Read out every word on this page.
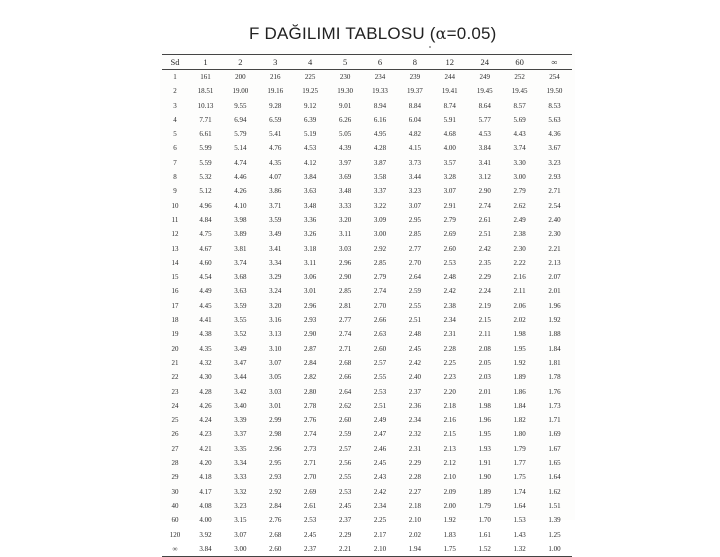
F DAĞILIMI TABLOSU (α=0.05)
Sd	1	2	3	4	5	6	8	12	24	60	∞
1	161	200	216	225	230	234	239	244	249	252	254
2	18.51	19.00	19.16	19.25	19.30	19.33	19.37	19.41	19.45	19.45	19.50
3	10.13	9.55	9.28	9.12	9.01	8.94	8.84	8.74	8.64	8.57	8.53
4	7.71	6.94	6.59	6.39	6.26	6.16	6.04	5.91	5.77	5.69	5.63
5	6.61	5.79	5.41	5.19	5.05	4.95	4.82	4.68	4.53	4.43	4.36
6	5.99	5.14	4.76	4.53	4.39	4.28	4.15	4.00	3.84	3.74	3.67
7	5.59	4.74	4.35	4.12	3.97	3.87	3.73	3.57	3.41	3.30	3.23
8	5.32	4.46	4.07	3.84	3.69	3.58	3.44	3.28	3.12	3.00	2.93
9	5.12	4.26	3.86	3.63	3.48	3.37	3.23	3.07	2.90	2.79	2.71
10	4.96	4.10	3.71	3.48	3.33	3.22	3.07	2.91	2.74	2.62	2.54
11	4.84	3.98	3.59	3.36	3.20	3.09	2.95	2.79	2.61	2.49	2.40
12	4.75	3.89	3.49	3.26	3.11	3.00	2.85	2.69	2.51	2.38	2.30
13	4.67	3.81	3.41	3.18	3.03	2.92	2.77	2.60	2.42	2.30	2.21
14	4.60	3.74	3.34	3.11	2.96	2.85	2.70	2.53	2.35	2.22	2.13
15	4.54	3.68	3.29	3.06	2.90	2.79	2.64	2.48	2.29	2.16	2.07
16	4.49	3.63	3.24	3.01	2.85	2.74	2.59	2.42	2.24	2.11	2.01
17	4.45	3.59	3.20	2.96	2.81	2.70	2.55	2.38	2.19	2.06	1.96
18	4.41	3.55	3.16	2.93	2.77	2.66	2.51	2.34	2.15	2.02	1.92
19	4.38	3.52	3.13	2.90	2.74	2.63	2.48	2.31	2.11	1.98	1.88
20	4.35	3.49	3.10	2.87	2.71	2.60	2.45	2.28	2.08	1.95	1.84
21	4.32	3.47	3.07	2.84	2.68	2.57	2.42	2.25	2.05	1.92	1.81
22	4.30	3.44	3.05	2.82	2.66	2.55	2.40	2.23	2.03	1.89	1.78
23	4.28	3.42	3.03	2.80	2.64	2.53	2.37	2.20	2.01	1.86	1.76
24	4.26	3.40	3.01	2.78	2.62	2.51	2.36	2.18	1.98	1.84	1.73
25	4.24	3.39	2.99	2.76	2.60	2.49	2.34	2.16	1.96	1.82	1.71
26	4.23	3.37	2.98	2.74	2.59	2.47	2.32	2.15	1.95	1.80	1.69
27	4.21	3.35	2.96	2.73	2.57	2.46	2.31	2.13	1.93	1.79	1.67
28	4.20	3.34	2.95	2.71	2.56	2.45	2.29	2.12	1.91	1.77	1.65
29	4.18	3.33	2.93	2.70	2.55	2.43	2.28	2.10	1.90	1.75	1.64
30	4.17	3.32	2.92	2.69	2.53	2.42	2.27	2.09	1.89	1.74	1.62
40	4.08	3.23	2.84	2.61	2.45	2.34	2.18	2.00	1.79	1.64	1.51
60	4.00	3.15	2.76	2.53	2.37	2.25	2.10	1.92	1.70	1.53	1.39
120	3.92	3.07	2.68	2.45	2.29	2.17	2.02	1.83	1.61	1.43	1.25
∞	3.84	3.00	2.60	2.37	2.21	2.10	1.94	1.75	1.52	1.32	1.00
